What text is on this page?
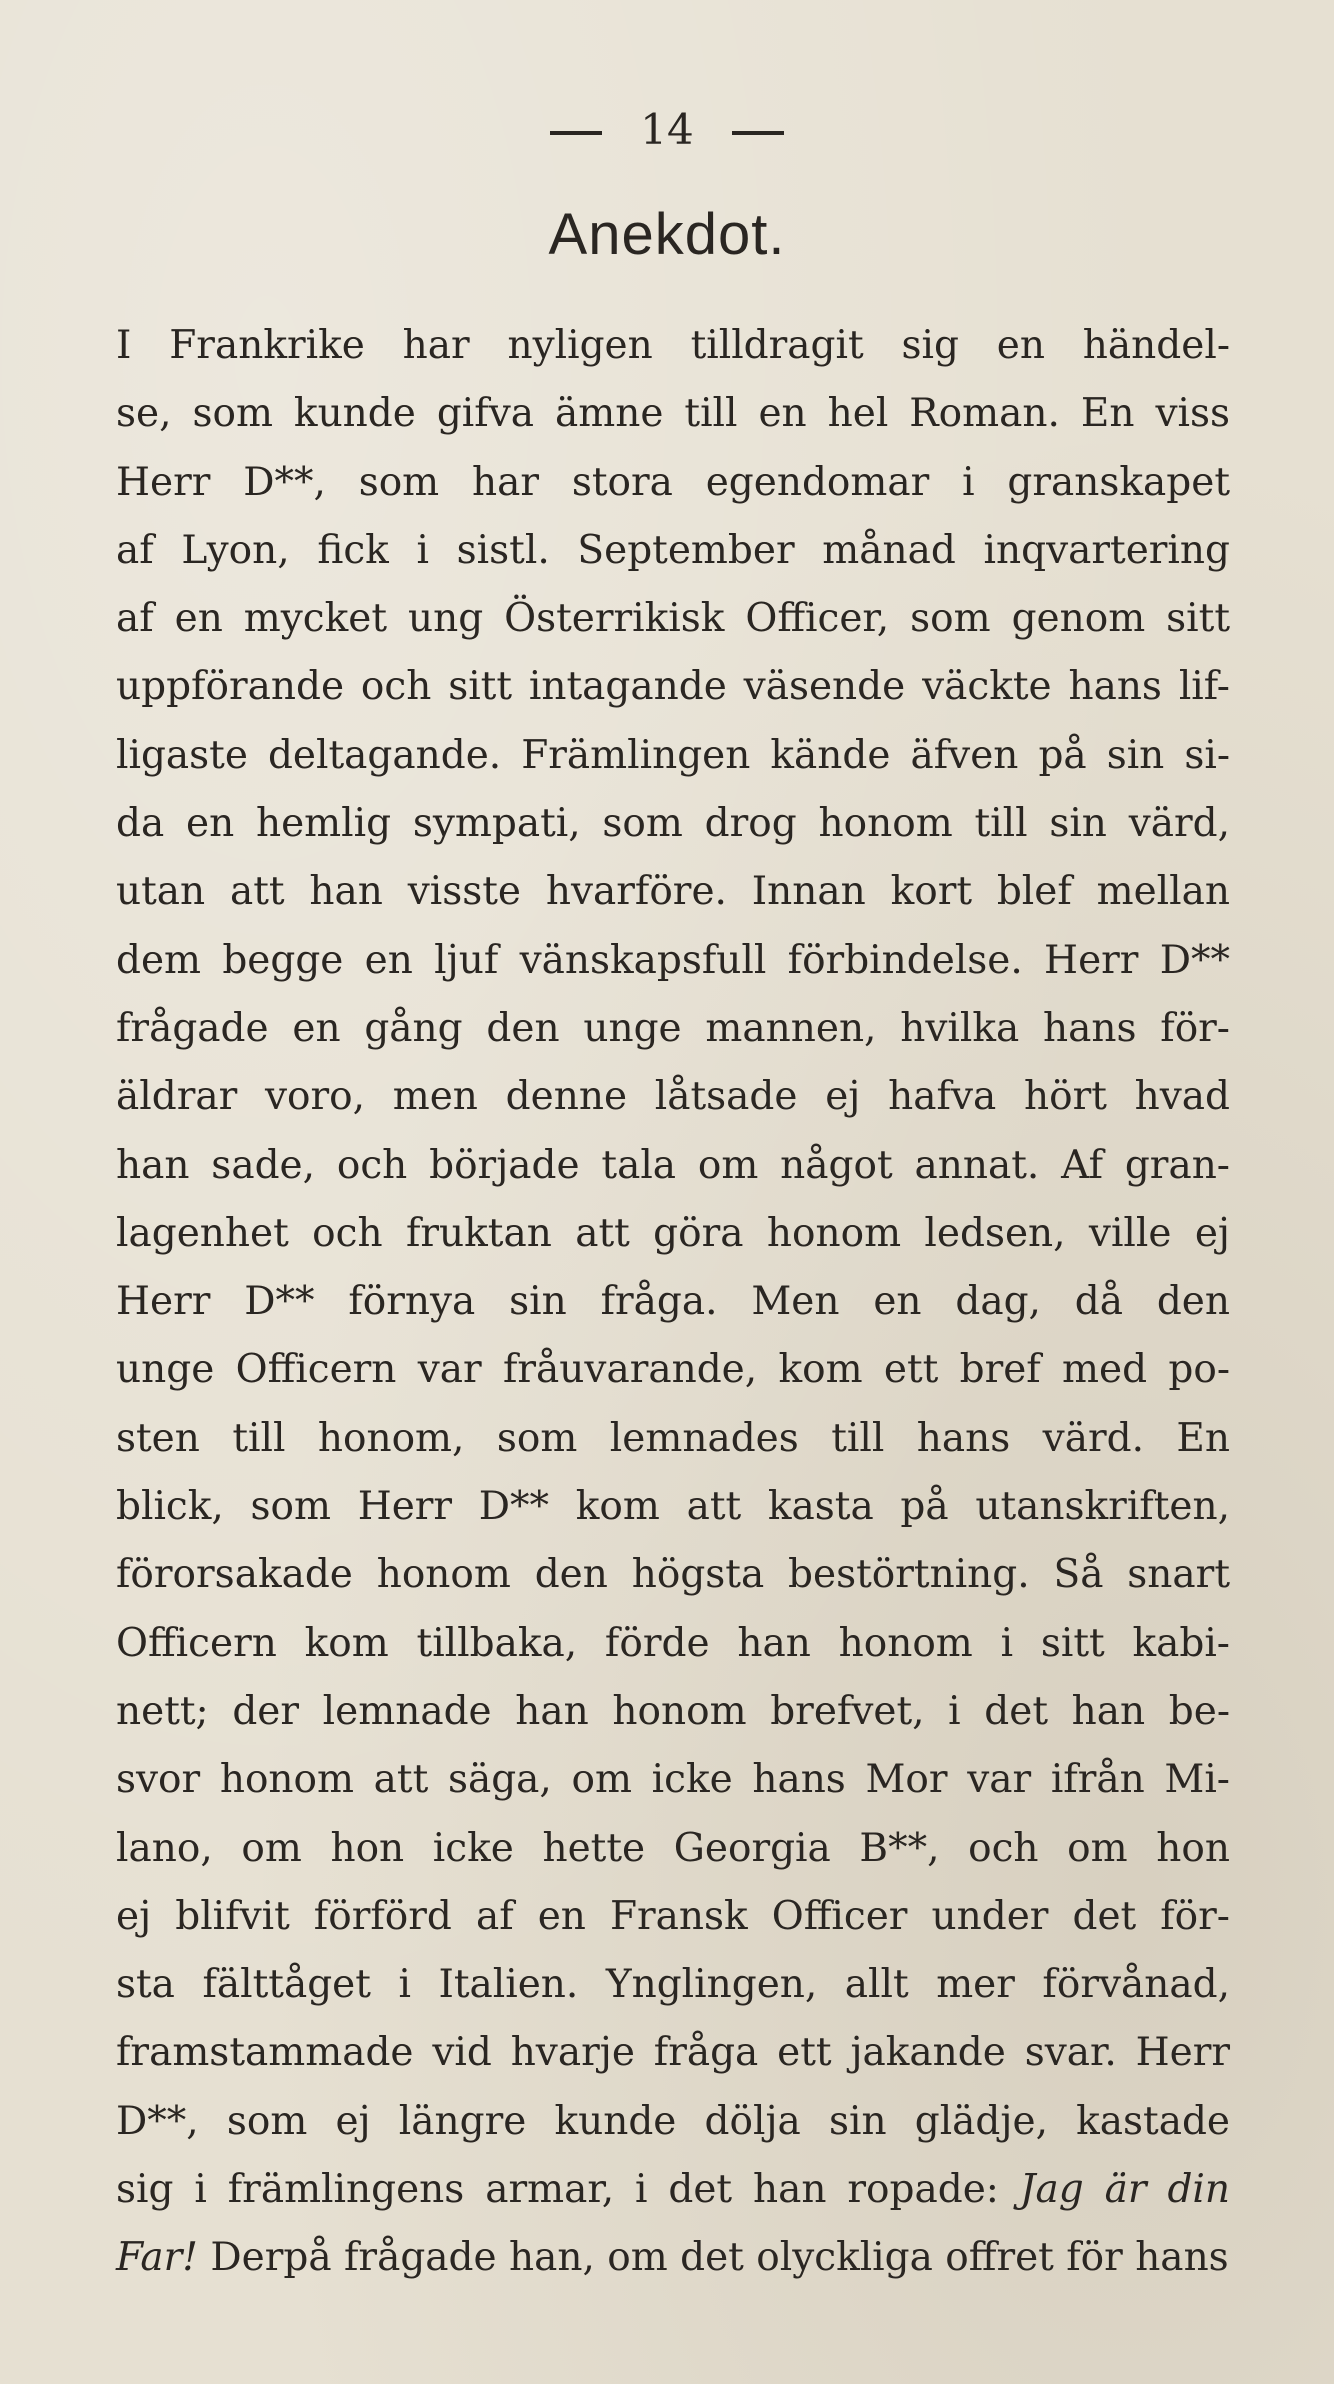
14
Anekdot.
I Frankrike har nyligen tilldragit sig en händel-
se, som kunde gifva ämne till en hel Roman. En viss
Herr D**, som har stora egendomar i granskapet
af Lyon, fick i sistl. September månad inqvartering
af en mycket ung Österrikisk Officer, som genom sitt
uppförande och sitt intagande väsende väckte hans lif-
ligaste deltagande. Främlingen kände äfven på sin si-
da en hemlig sympati, som drog honom till sin värd,
utan att han visste hvarföre. Innan kort blef mellan
dem begge en ljuf vänskapsfull förbindelse. Herr D**
frågade en gång den unge mannen, hvilka hans för-
äldrar voro, men denne låtsade ej hafva hört hvad
han sade, och började tala om något annat. Af gran-
lagenhet och fruktan att göra honom ledsen, ville ej
Herr D** förnya sin fråga. Men en dag, då den
unge Officern var fråuvarande, kom ett bref med po-
sten till honom, som lemnades till hans värd. En
blick, som Herr D** kom att kasta på utanskriften,
förorsakade honom den högsta bestörtning. Så snart
Officern kom tillbaka, förde han honom i sitt kabi-
nett; der lemnade han honom brefvet, i det han be-
svor honom att säga, om icke hans Mor var ifrån Mi-
lano, om hon icke hette Georgia B**, och om hon
ej blifvit förförd af en Fransk Officer under det för-
sta fälttåget i Italien. Ynglingen, allt mer förvånad,
framstammade vid hvarje fråga ett jakande svar. Herr
D**, som ej längre kunde dölja sin glädje, kastade
sig i främlingens armar, i det han ropade: Jag är din
Far! Derpå frågade han, om det olyckliga offret för hans
